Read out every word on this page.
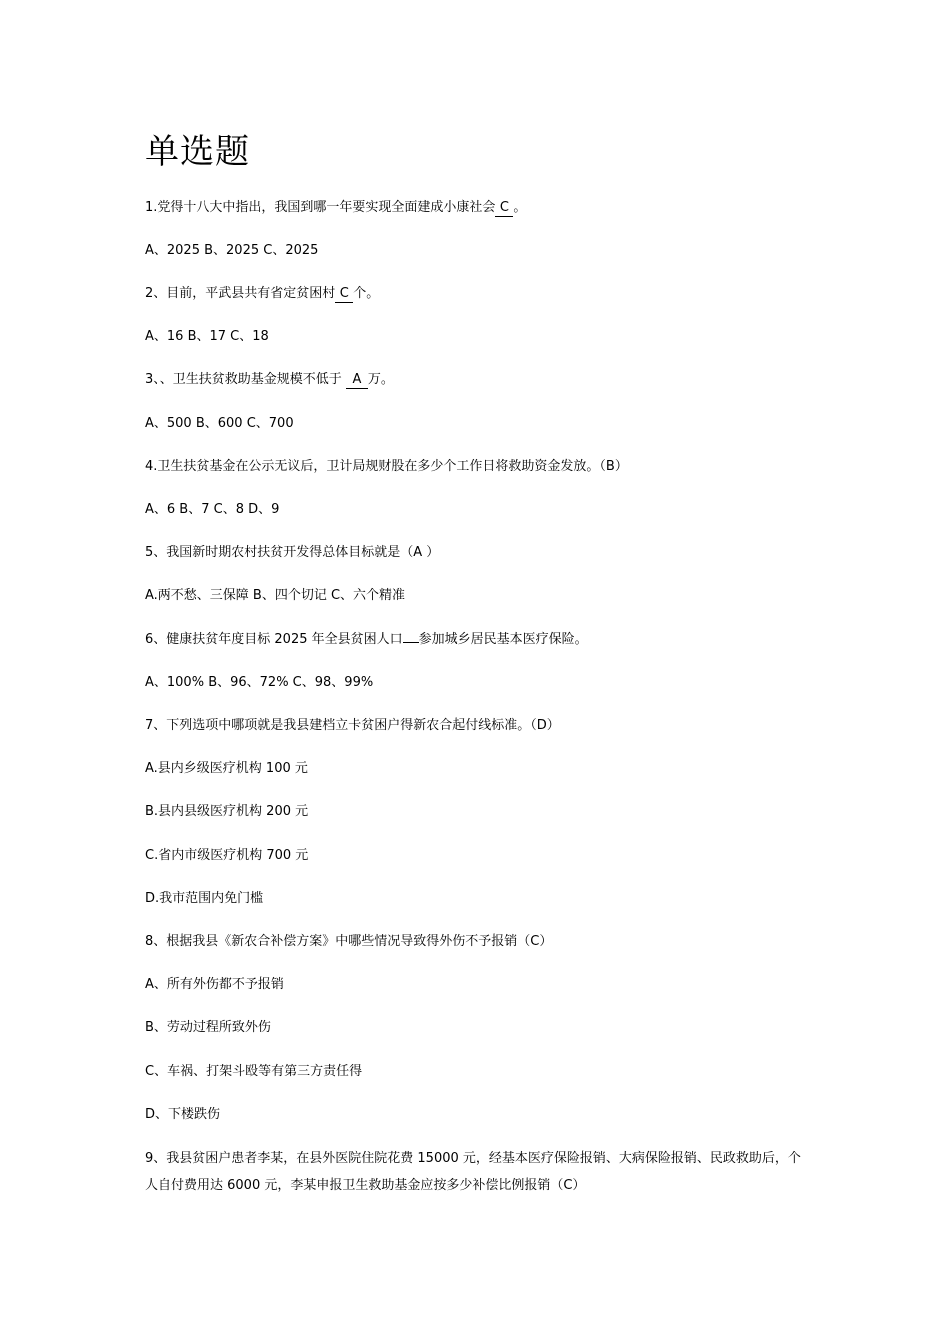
单选题
1.党得十八大中指出，我国到哪一年要实现全面建成小康社会 C 。
A、2025 B、2025 C、2025
2、目前，平武县共有省定贫困村 C 个。
A、16 B、17 C、18
3、、卫生扶贫救助基金规模不低于 A 万。
A、500 B、600 C、700
4.卫生扶贫基金在公示无议后，卫计局规财股在多少个工作日将救助资金发放。（B）
A、6 B、7 C、8 D、9
5、我国新时期农村扶贫开发得总体目标就是（A ）
A.两不愁、三保障 B、四个切记 C、六个精准
6、健康扶贫年度目标 2025 年全县贫困人口 参加城乡居民基本医疗保险。
A、100% B、96、72% C、98、99%
7、下列选项中哪项就是我县建档立卡贫困户得新农合起付线标准。（D）
A.县内乡级医疗机构 100 元
B.县内县级医疗机构 200 元
C.省内市级医疗机构 700 元
D.我市范围内免门槛
8、根据我县《新农合补偿方案》中哪些情况导致得外伤不予报销（C）
A、所有外伤都不予报销
B、劳动过程所致外伤
C、车祸、打架斗殴等有第三方责任得
D、下楼跌伤
9、我县贫困户患者李某，在县外医院住院花费 15000 元，经基本医疗保险报销、大病保险报销、民政救助后，个人自付费用达 6000 元，李某申报卫生救助基金应按多少补偿比例报销（C）
